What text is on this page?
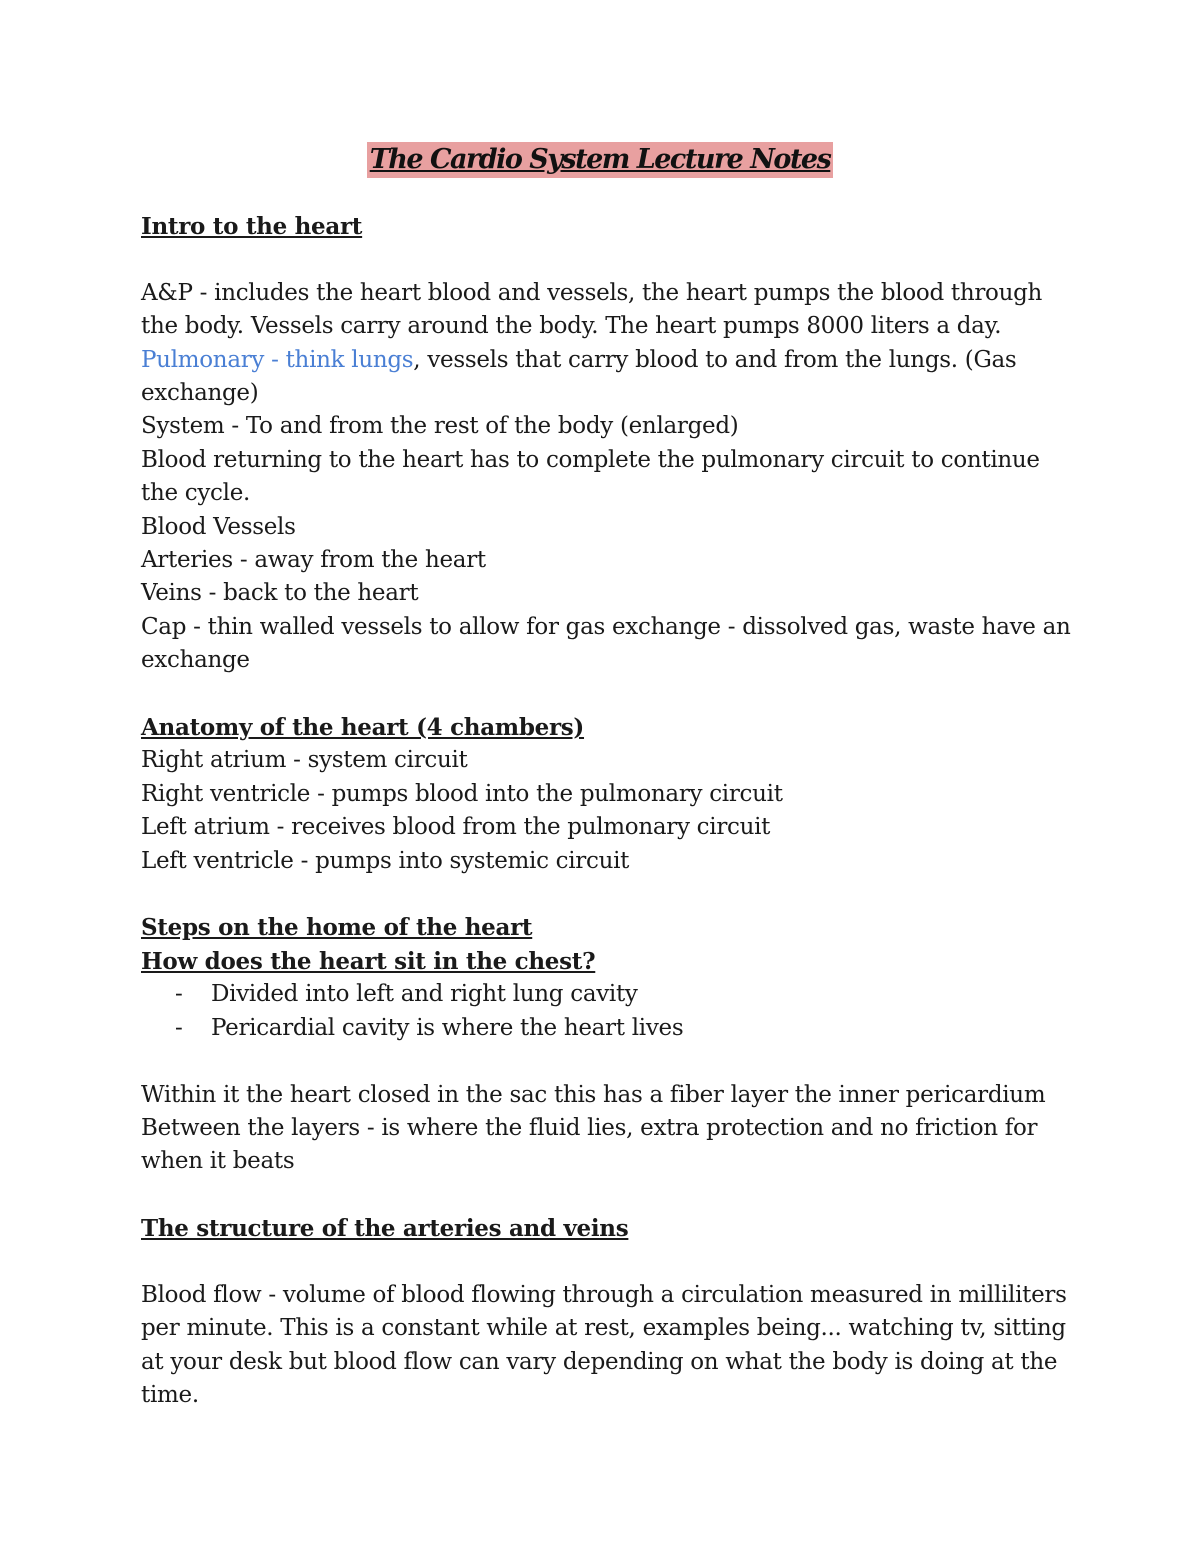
The Cardio System Lecture Notes
Intro to the heart
A&P - includes the heart blood and vessels, the heart pumps the blood through
the body. Vessels carry around the body. The heart pumps 8000 liters a day.
Pulmonary - think lungs, vessels that carry blood to and from the lungs. (Gas
exchange)
System - To and from the rest of the body (enlarged)
Blood returning to the heart has to complete the pulmonary circuit to continue
the cycle.
Blood Vessels
Arteries - away from the heart
Veins - back to the heart
Cap - thin walled vessels to allow for gas exchange - dissolved gas, waste have an
exchange
Anatomy of the heart (4 chambers)
Right atrium - system circuit
Right ventricle - pumps blood into the pulmonary circuit
Left atrium - receives blood from the pulmonary circuit
Left ventricle - pumps into systemic circuit
Steps on the home of the heart
How does the heart sit in the chest?
-	Divided into left and right lung cavity
-	Pericardial cavity is where the heart lives
Within it the heart closed in the sac this has a fiber layer the inner pericardium
Between the layers - is where the fluid lies, extra protection and no friction for
when it beats
The structure of the arteries and veins
Blood flow - volume of blood flowing through a circulation measured in milliliters
per minute. This is a constant while at rest, examples being... watching tv, sitting
at your desk but blood flow can vary depending on what the body is doing at the
time.
